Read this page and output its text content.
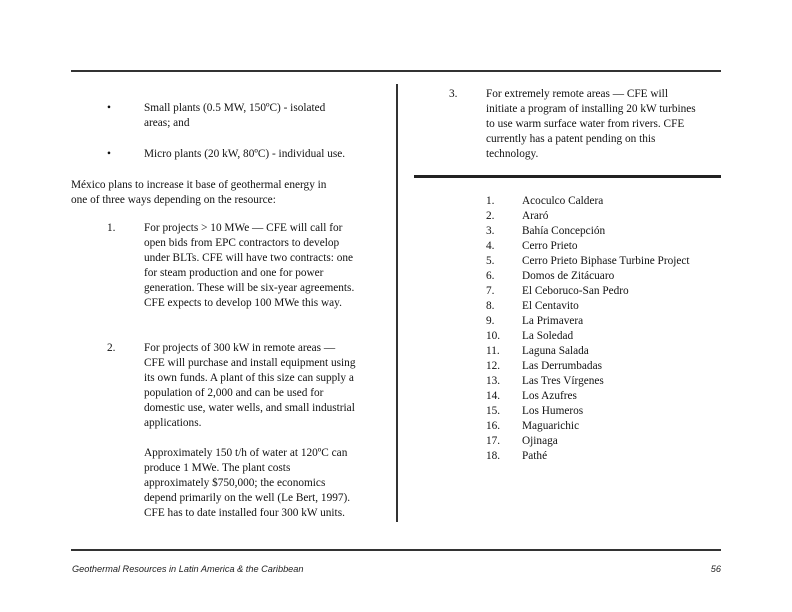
•	Small plants (0.5 MW, 150ºC) - isolated areas; and
•	Micro plants (20 kW, 80ºC) - individual use.
México plans to increase it base of geothermal energy in one of three ways depending on the resource:
1.	For projects > 10 MWe — CFE will call for open bids from EPC contractors to develop under BLTs. CFE will have two contracts: one for steam production and one for power generation. These will be six-year agreements. CFE expects to develop 100 MWe this way.
2.	For projects of 300 kW in remote areas — CFE will purchase and install equipment using its own funds. A plant of this size can supply a population of 2,000 and can be used for domestic use, water wells, and small industrial applications.
Approximately 150 t/h of water at 120ºC can produce 1 MWe. The plant costs approximately $750,000; the economics depend primarily on the well (Le Bert, 1997). CFE has to date installed four 300 kW units.
3.	For extremely remote areas — CFE will initiate a program of installing 20 kW turbines to use warm surface water from rivers. CFE currently has a patent pending on this technology.
1.	Acoculco Caldera
2.	Araró
3.	Bahía Concepción
4.	Cerro Prieto
5.	Cerro Prieto Biphase Turbine Project
6.	Domos de Zitácuaro
7.	El Ceboruco-San Pedro
8.	El Centavito
9.	La Primavera
10.	La Soledad
11.	Laguna Salada
12.	Las Derrumbadas
13.	Las Tres Vírgenes
14.	Los Azufres
15.	Los Humeros
16.	Maguarichic
17.	Ojinaga
18.	Pathé
Geothermal Resources in Latin America & the Caribbean	56
